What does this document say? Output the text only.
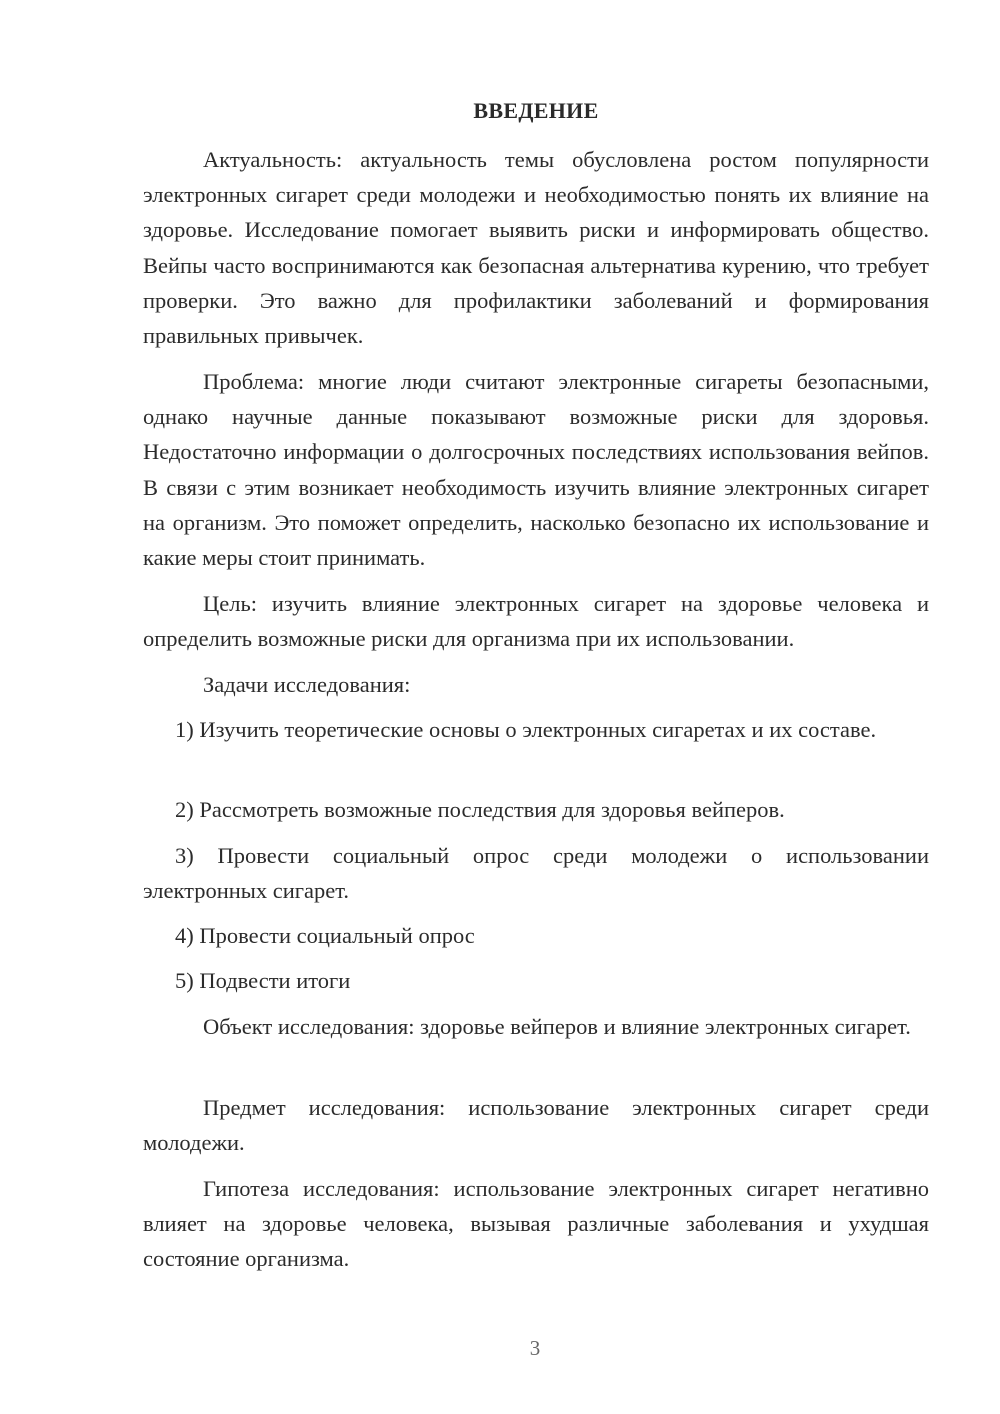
ВВЕДЕНИЕ

Актуальность: актуальность темы обусловлена ростом популярности электронных сигарет среди молодежи и необходимостью понять их влияние на здоровье. Исследование помогает выявить риски и информировать общество. Вейпы часто воспринимаются как безопасная альтернатива курению, что требует проверки. Это важно для профилактики заболеваний и формирования правильных привычек.

Проблема: многие люди считают электронные сигареты безопасными, однако научные данные показывают возможные риски для здоровья. Недостаточно информации о долгосрочных последствиях использования вейпов. В связи с этим возникает необходимость изучить влияние электронных сигарет на организм. Это поможет определить, насколько безопасно их использование и какие меры стоит принимать.

Цель: изучить влияние электронных сигарет на здоровье человека и определить возможные риски для организма при их использовании.

Задачи исследования:

1) Изучить теоретические основы о электронных сигаретах и их составе.

2) Рассмотреть возможные последствия для здоровья вейперов.

3) Провести социальный опрос среди молодежи о использовании электронных сигарет.

4) Провести социальный опрос

5) Подвести итоги

Объект исследования: здоровье вейперов и влияние электронных сигарет.

Предмет исследования: использование электронных сигарет среди молодежи.

Гипотеза исследования: использование электронных сигарет негативно влияет на здоровье человека, вызывая различные заболевания и ухудшая состояние организма.

3
